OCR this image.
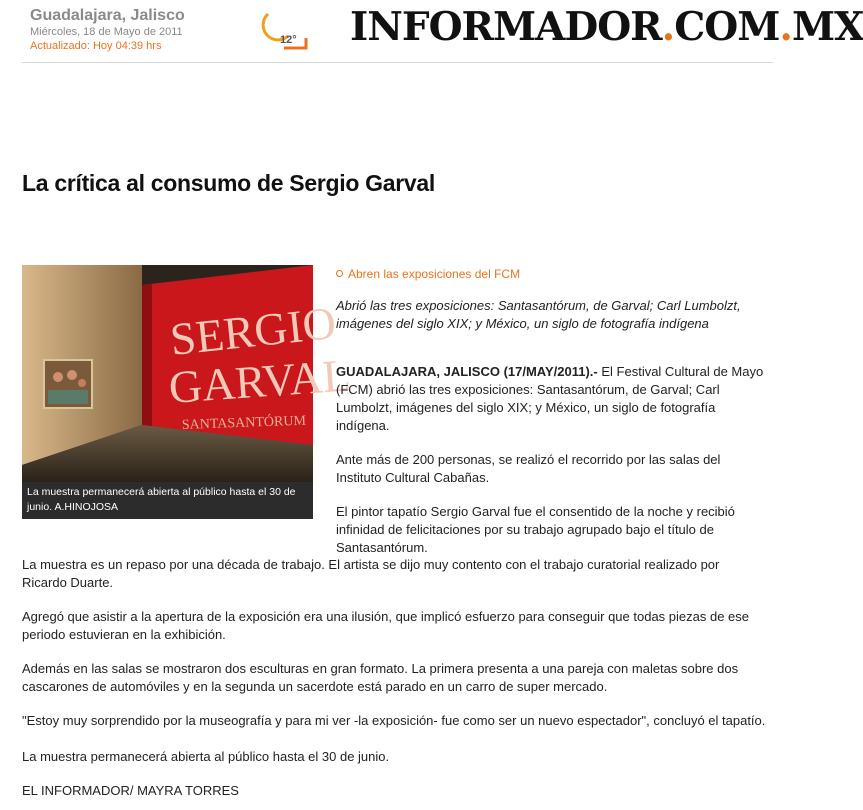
Guadalajara, Jalisco
Miércoles, 18 de Mayo de 2011
Actualizado: Hoy 04:39 hrs	12° INFORMADOR.COM.MX
La crítica al consumo de Sergio Garval
SERGIO
GARVAL
SANTASANTÓRUM
La muestra permanecerá abierta al público hasta el 30 de junio. A.HINOJOSA
Abren las exposiciones del FCM
Abrió las tres exposiciones: Santasantórum, de Garval; Carl Lumbolzt, imágenes del siglo XIX; y México, un siglo de fotografía indígena

GUADALAJARA, JALISCO (17/MAY/2011).- El Festival Cultural de Mayo (FCM) abrió las tres exposiciones: Santasantórum, de Garval; Carl Lumbolzt, imágenes del siglo XIX; y México, un siglo de fotografía indígena.

Ante más de 200 personas, se realizó el recorrido por las salas del Instituto Cultural Cabañas.

El pintor tapatío Sergio Garval fue el consentido de la noche y recibió infinidad de felicitaciones por su trabajo agrupado bajo el título de Santasantórum.

La muestra es un repaso por una década de trabajo. El artista se dijo muy contento con el trabajo curatorial realizado por Ricardo Duarte.

Agregó que asistir a la apertura de la exposición era una ilusión, que implicó esfuerzo para conseguir que todas piezas de ese periodo estuvieran en la exhibición.

Además en las salas se mostraron dos esculturas en gran formato. La primera presenta a una pareja con maletas sobre dos cascarones de automóviles y en la segunda un sacerdote está parado en un carro de super mercado.

"Estoy muy sorprendido por la museografía y para mi ver -la exposición- fue como ser un nuevo espectador", concluyó el tapatío.

La muestra permanecerá abierta al público hasta el 30 de junio.

EL INFORMADOR/ MAYRA TORRES
